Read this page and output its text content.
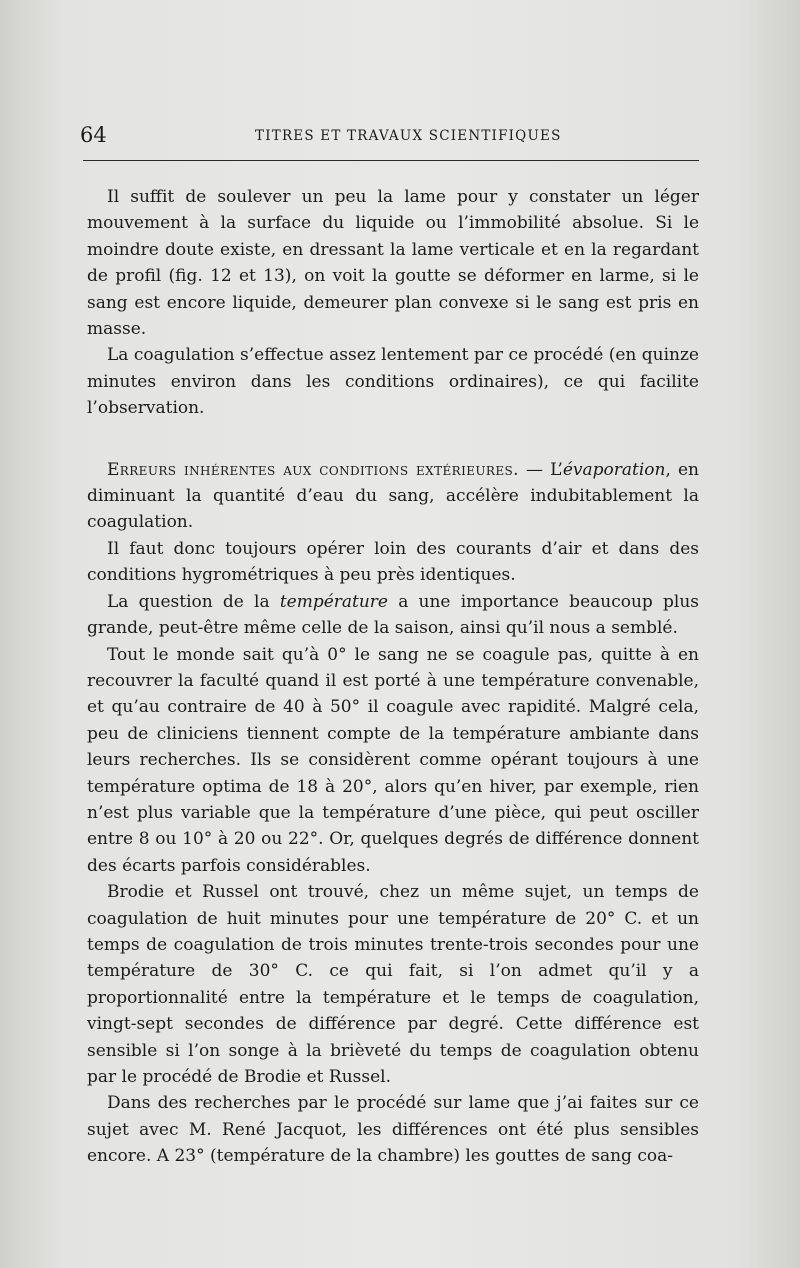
64	TITRES ET TRAVAUX SCIENTIFIQUES

Il suffit de soulever un peu la lame pour y constater un léger mouvement à la surface du liquide ou l’immobilité absolue. Si le moindre doute existe, en dressant la lame verticale et en la regardant de profil (fig. 12 et 13), on voit la goutte se déformer en larme, si le sang est encore liquide, demeurer plan convexe si le sang est pris en masse.

La coagulation s’effectue assez lentement par ce procédé (en quinze minutes environ dans les conditions ordinaires), ce qui facilite l’observation.

Erreurs inhérentes aux conditions extérieures. — L’évaporation, en diminuant la quantité d’eau du sang, accélère indubitablement la coagulation.

Il faut donc toujours opérer loin des courants d’air et dans des conditions hygrométriques à peu près identiques.

La question de la température a une importance beaucoup plus grande, peut-être même celle de la saison, ainsi qu’il nous a semblé.

Tout le monde sait qu’à 0° le sang ne se coagule pas, quitte à en recouvrer la faculté quand il est porté à une température convenable, et qu’au contraire de 40 à 50° il coagule avec rapidité. Malgré cela, peu de cliniciens tiennent compte de la température ambiante dans leurs recherches. Ils se considèrent comme opérant toujours à une température optima de 18 à 20°, alors qu’en hiver, par exemple, rien n’est plus variable que la température d’une pièce, qui peut osciller entre 8 ou 10° à 20 ou 22°. Or, quelques degrés de différence donnent des écarts parfois considérables.

Brodie et Russel ont trouvé, chez un même sujet, un temps de coagulation de huit minutes pour une température de 20° C. et un temps de coagulation de trois minutes trente-trois secondes pour une température de 30° C. ce qui fait, si l’on admet qu’il y a proportionnalité entre la température et le temps de coagulation, vingt-sept secondes de différence par degré. Cette différence est sensible si l’on songe à la brièveté du temps de coagulation obtenu par le procédé de Brodie et Russel.

Dans des recherches par le procédé sur lame que j’ai faites sur ce sujet avec M. René Jacquot, les différences ont été plus sensibles encore. A 23° (température de la chambre) les gouttes de sang coa-
